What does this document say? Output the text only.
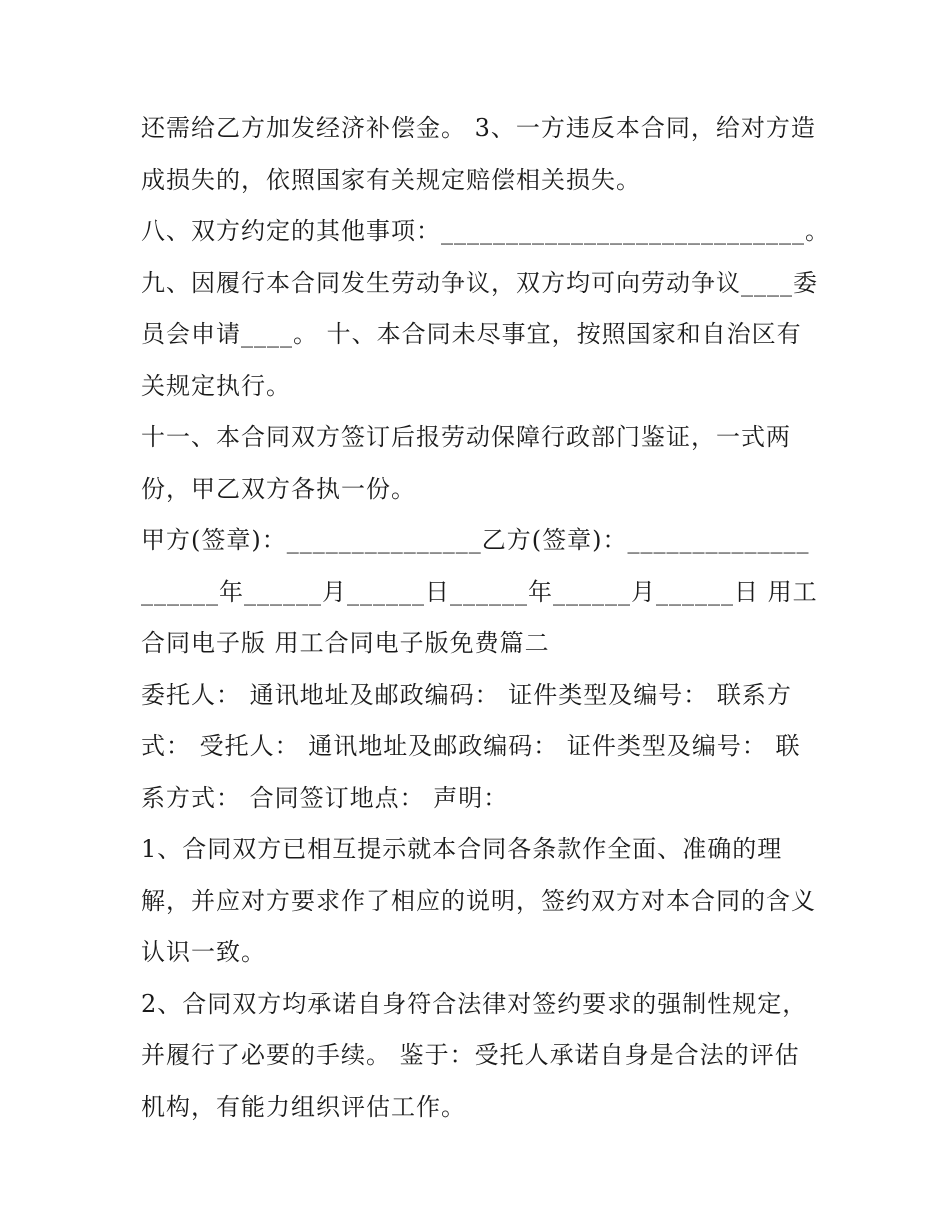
还需给乙方加发经济补偿金。 3、一方违反本合同，给对方造
成损失的，依照国家有关规定赔偿相关损失。
八、双方约定的其他事项：____________________________。
九、因履行本合同发生劳动争议，双方均可向劳动争议____委
员会申请____。 十、本合同未尽事宜，按照国家和自治区有
关规定执行。
十一、本合同双方签订后报劳动保障行政部门鉴证，一式两
份，甲乙双方各执一份。
甲方(签章)：_______________乙方(签章)：______________
______年______月______日______年______月______日 用工
合同电子版 用工合同电子版免费篇二
委托人： 通讯地址及邮政编码： 证件类型及编号： 联系方
式： 受托人： 通讯地址及邮政编码： 证件类型及编号： 联
系方式： 合同签订地点： 声明：
1、合同双方已相互提示就本合同各条款作全面、准确的理
解，并应对方要求作了相应的说明，签约双方对本合同的含义
认识一致。
2、合同双方均承诺自身符合法律对签约要求的强制性规定，
并履行了必要的手续。 鉴于：受托人承诺自身是合法的评估
机构，有能力组织评估工作。
